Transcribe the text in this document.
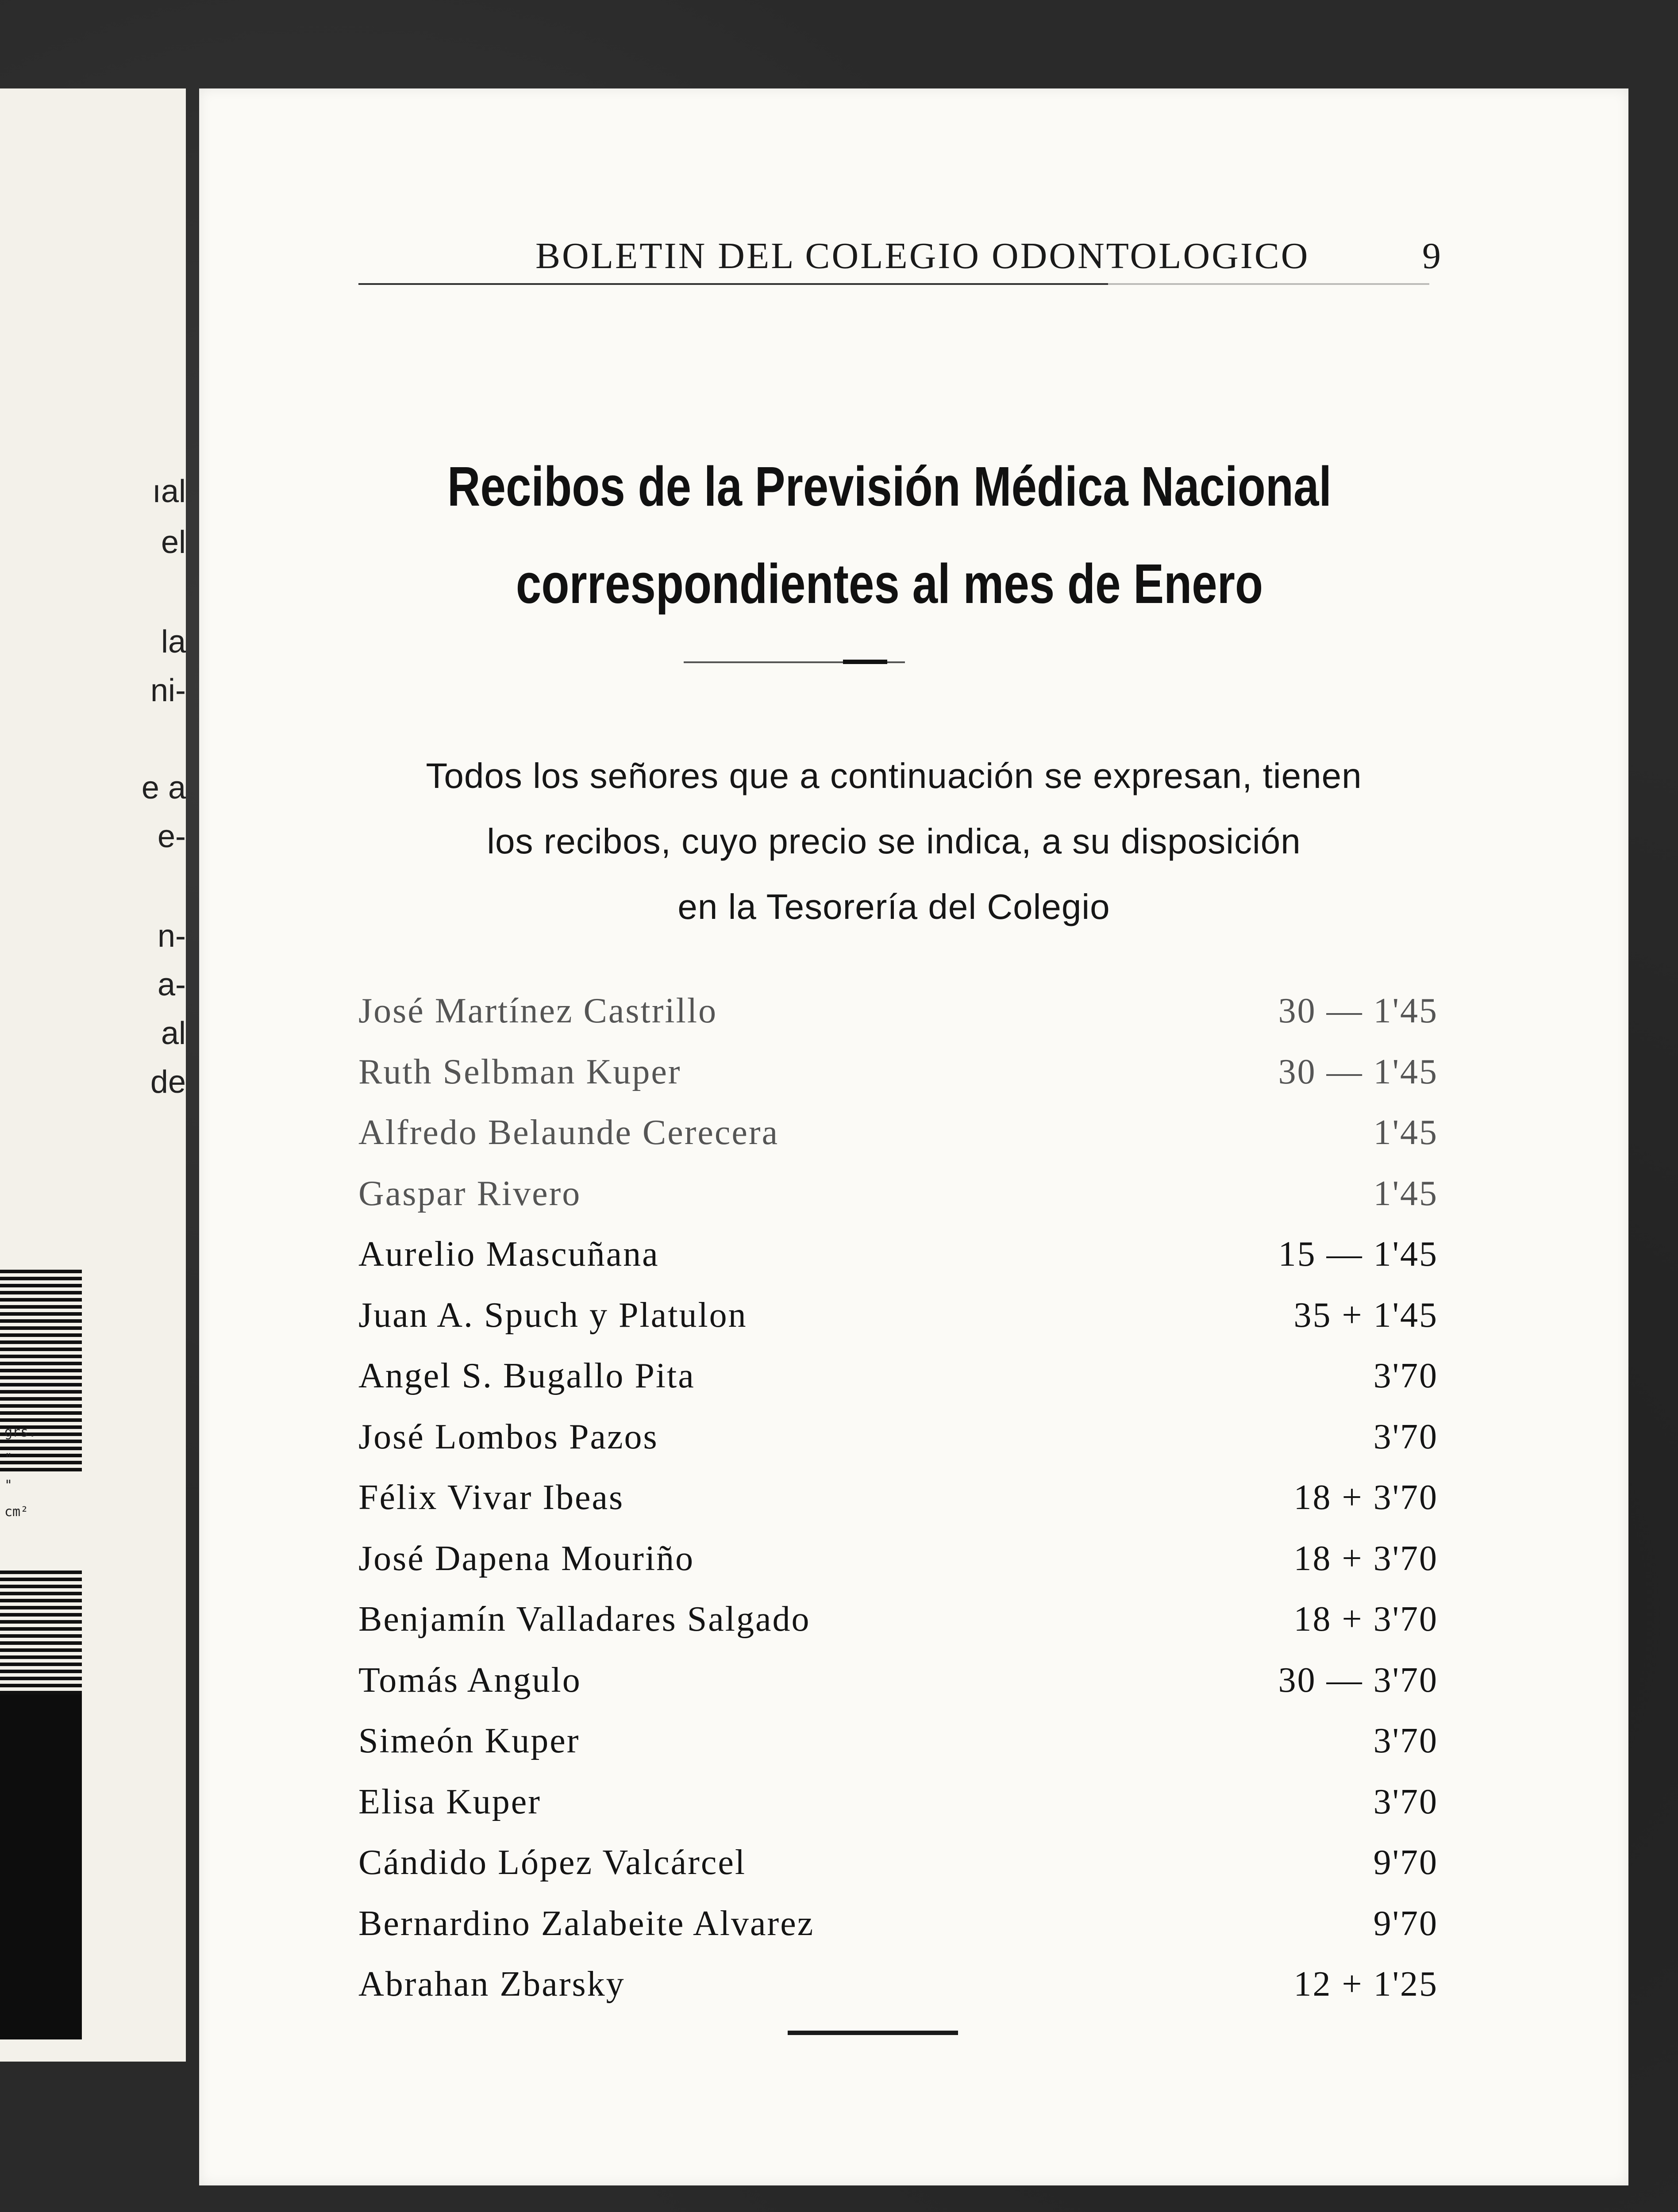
ıal
el
la
ni-
e a
e-
n-
a-
al
de
grs.
"
"
cm²
BOLETIN DEL COLEGIO ODONTOLOGICO	9
Recibos de la Previsión Médica Nacional
correspondientes al mes de Enero
Todos los señores que a continuación se expresan, tienen
los recibos, cuyo precio se indica, a su disposición
en la Tesorería del Colegio
José Martínez Castrillo	30 — 1'45
Ruth Selbman Kuper	30 — 1'45
Alfredo Belaunde Cerecera	1'45
Gaspar Rivero	1'45
Aurelio Mascuñana	15 — 1'45
Juan A. Spuch y Platulon	35 + 1'45
Angel S. Bugallo Pita	3'70
José Lombos Pazos	3'70
Félix Vivar Ibeas	18 + 3'70
José Dapena Mouriño	18 + 3'70
Benjamín Valladares Salgado	18 + 3'70
Tomás Angulo	30 — 3'70
Simeón Kuper	3'70
Elisa Kuper	3'70
Cándido López Valcárcel	9'70
Bernardino Zalabeite Alvarez	9'70
Abrahan Zbarsky	12 + 1'25
